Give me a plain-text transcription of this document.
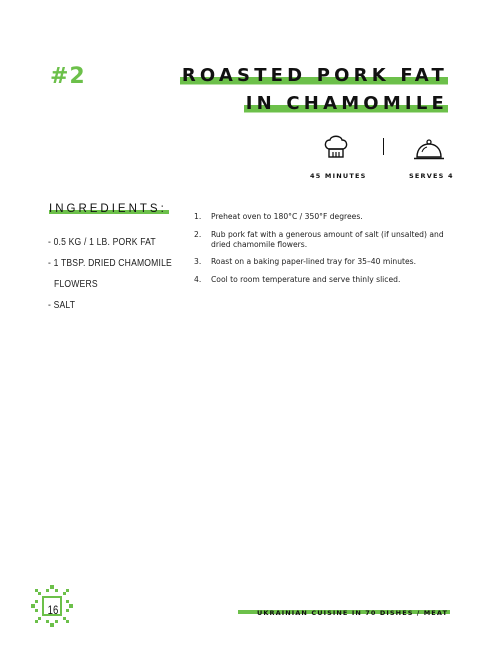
#2	ROASTED PORK FAT
IN CHAMOMILE
45 MINUTES	SERVES 4
INGREDIENTS:
- 0.5 KG / 1 LB. PORK FAT
- 1 TBSP. DRIED CHAMOMILE
FLOWERS
- SALT
1.	Preheat oven to 180°C / 350°F degrees.
2.	Rub pork fat with a generous amount of salt (if unsalted) and dried chamomile flowers.
3.	Roast on a baking paper-lined tray for 35–40 minutes.
4.	Cool to room temperature and serve thinly sliced.
16	UKRAINIAN CUISINE IN 70 DISHES / MEAT
